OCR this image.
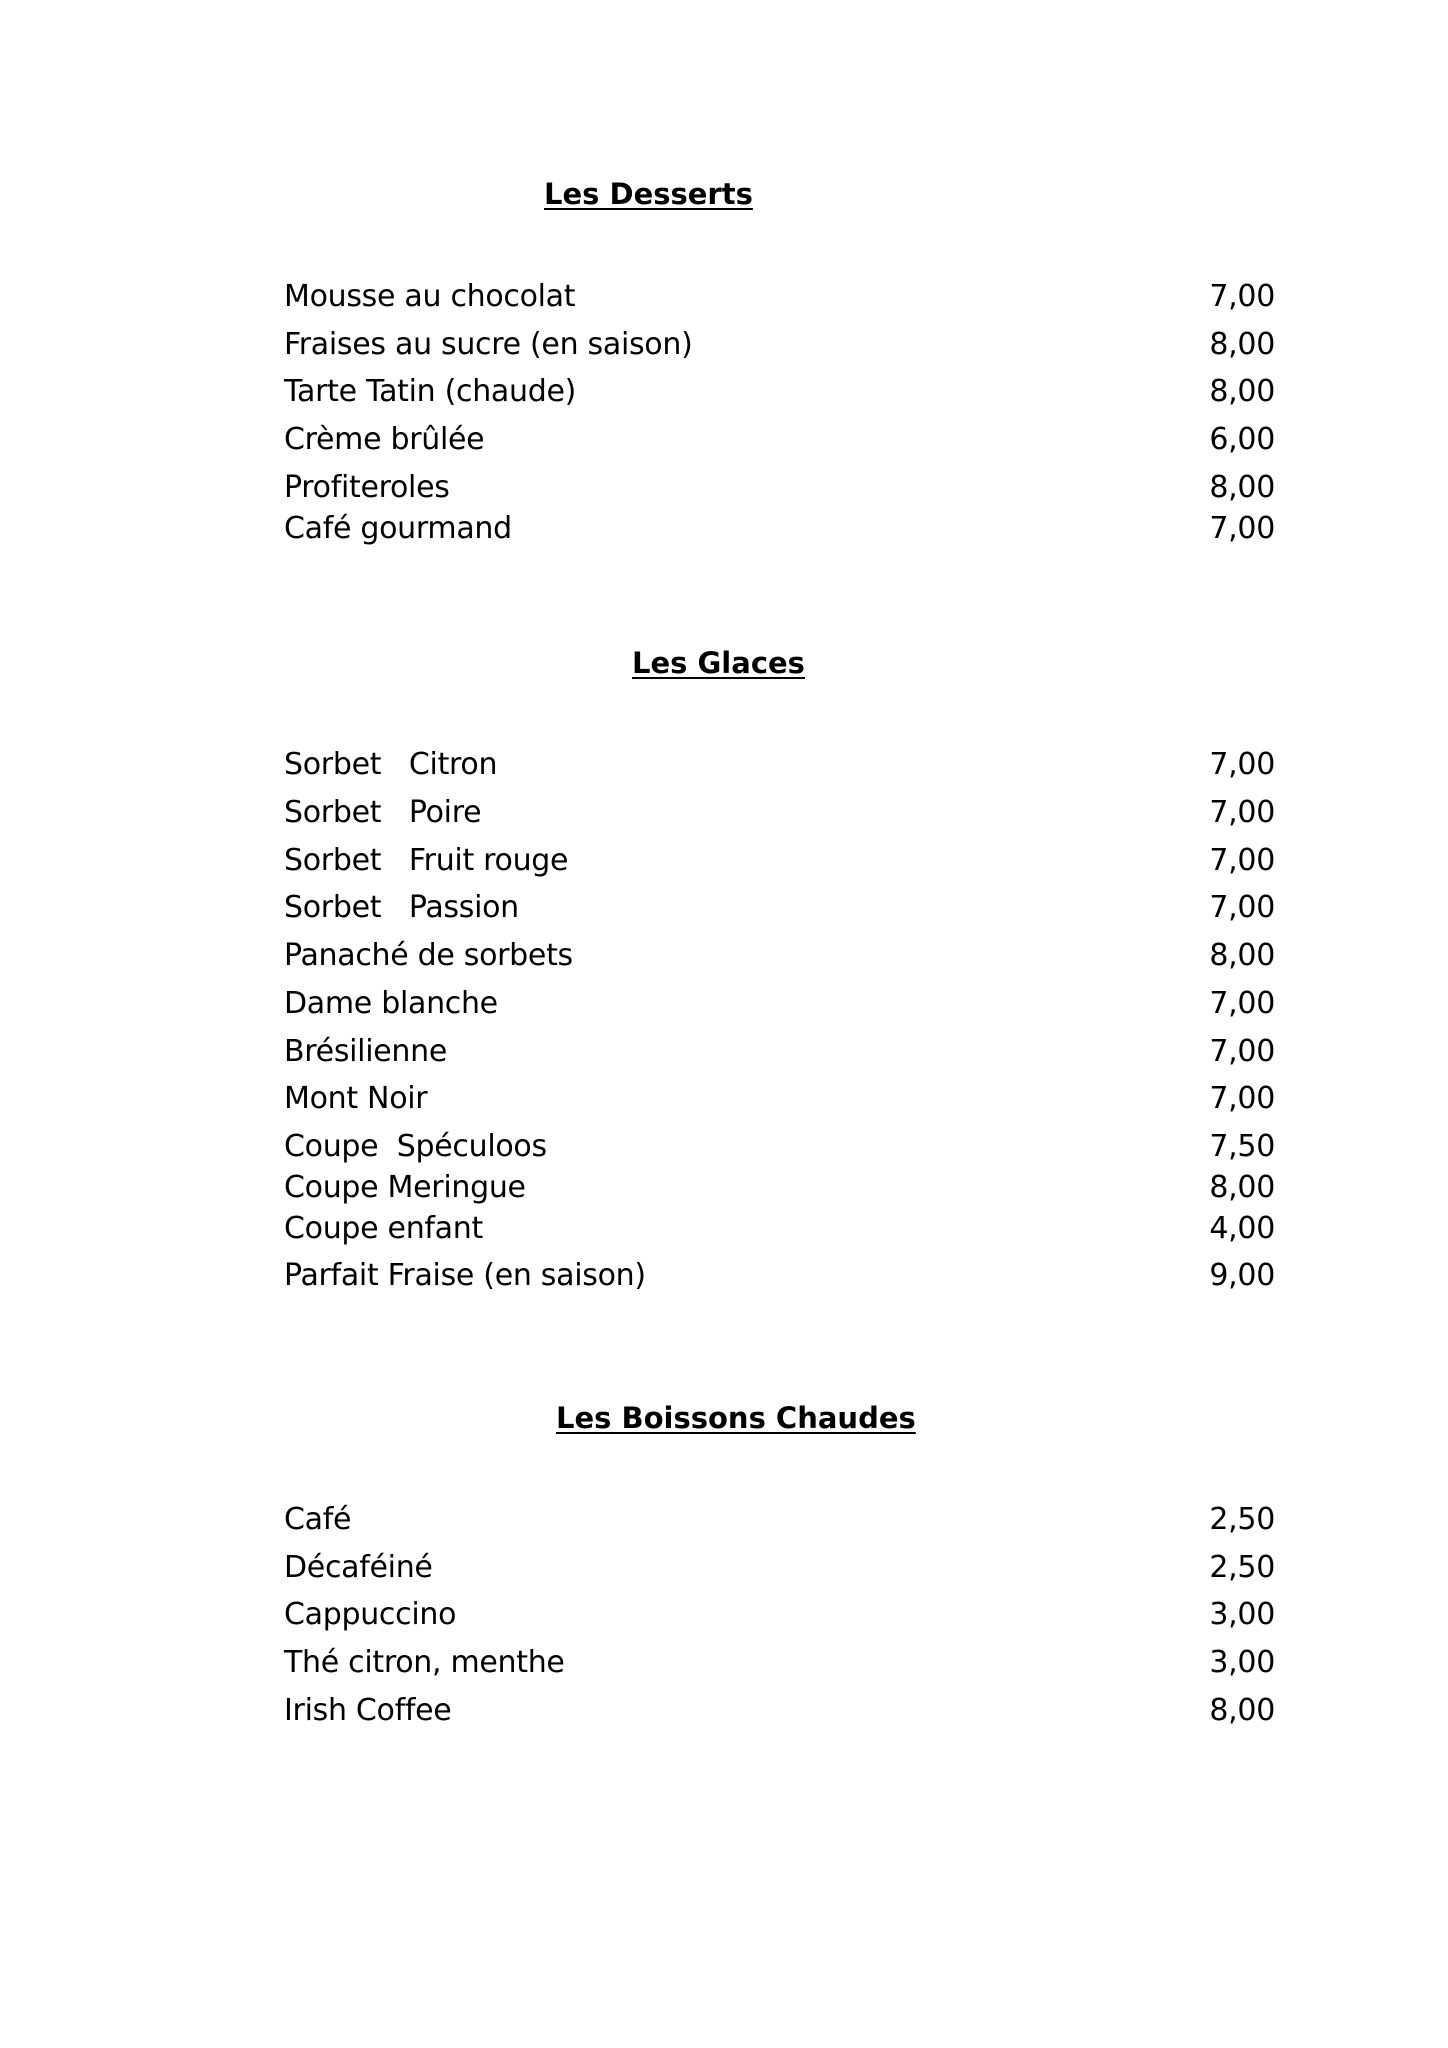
Les Desserts
Mousse au chocolat	7,00
Fraises au sucre (en saison)	8,00
Tarte Tatin (chaude)	8,00
Crème brûlée	6,00
Profiteroles	8,00
Café gourmand	7,00
Les Glaces
Sorbet   Citron	7,00
Sorbet   Poire	7,00
Sorbet   Fruit rouge	7,00
Sorbet   Passion	7,00
Panaché de sorbets	8,00
Dame blanche	7,00
Brésilienne	7,00
Mont Noir	7,00
Coupe  Spéculoos	7,50
Coupe Meringue	8,00
Coupe enfant	4,00
Parfait Fraise (en saison)	9,00
Les Boissons Chaudes
Café	2,50
Décaféiné	2,50
Cappuccino	3,00
Thé citron, menthe	3,00
Irish Coffee	8,00
